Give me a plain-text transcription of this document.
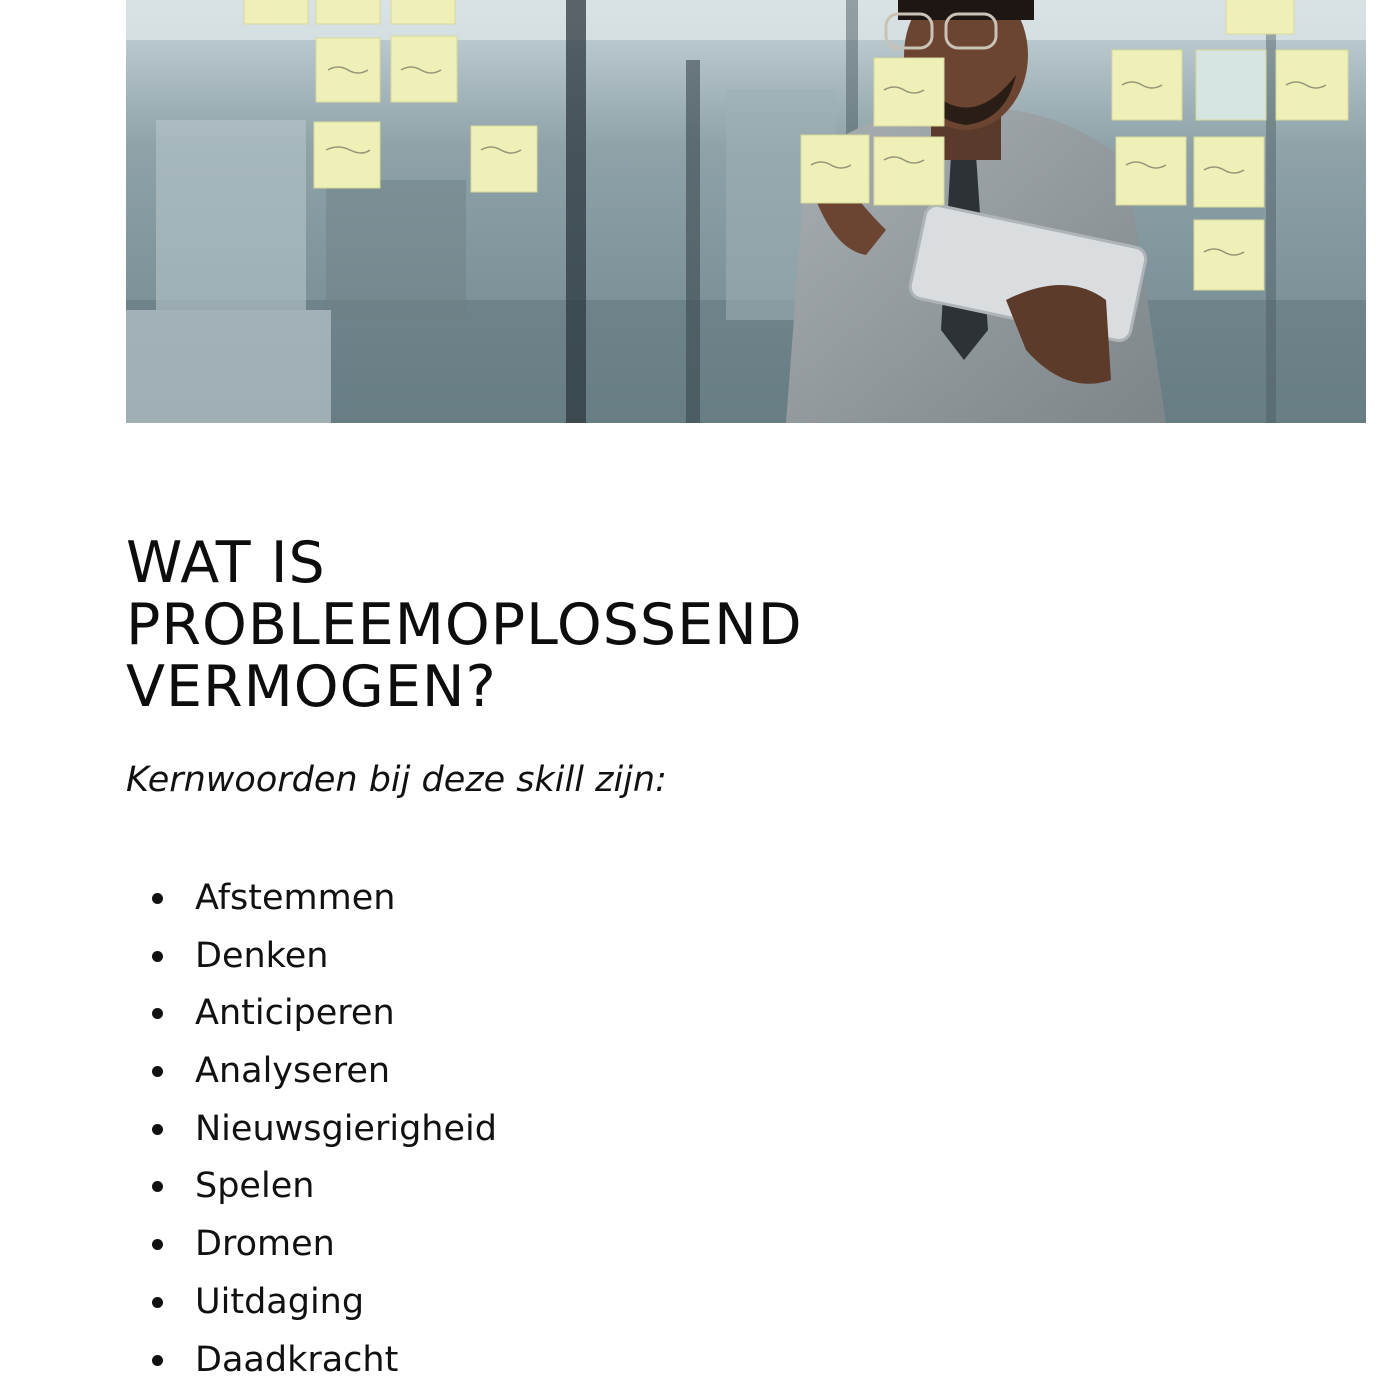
WAT IS
PROBLEEMOPLOSSEND
VERMOGEN?

Kernwoorden bij deze skill zijn:

Afstemmen
Denken
Anticiperen
Analyseren
Nieuwsgierigheid
Spelen
Dromen
Uitdaging
Daadkracht
